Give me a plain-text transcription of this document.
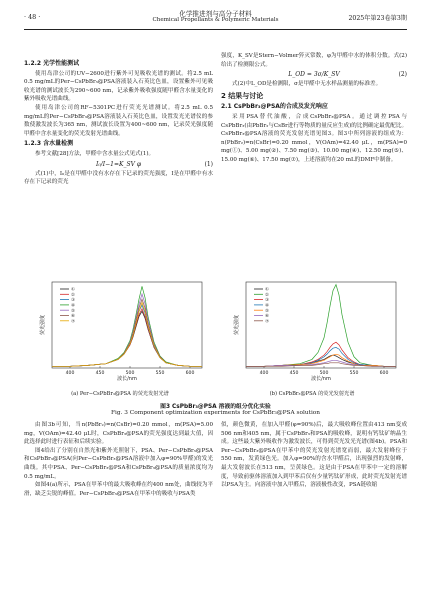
· 48 ·	化学推进剂与高分子材料
Chemical Propellants & Polymeric Materials	2025年第23卷第3期
1.2.2 光学性能测试

使用岛津公司的UV−2600进行紫外可见吸收光谱的测试。将2.5 mL 0.5 mg/mL的Per−CsPbBr₃@PSA溶液装入石英比色皿，设置紫外可见吸收光谱的测试波长为290~600 nm，记录紫外吸收强度随甲醛含水量变化的紫外吸收光谱曲线。

使用岛津公司的RF−5301PC进行荧光光谱测试。将2.5 mL 0.5 mg/mL的Per−CsPbBr₃@PSA溶液装入石英比色皿，设置发光光谱仪的参数使激发波长为365 nm，测试波长设置为400~600 nm，记录荧光强度随甲醛中含水量变化的荧光发射光谱曲线。

1.2.3 含水量检测

参考文献[28]方法，甲醛中含水量公式见式(1)。

I₀/I−1=K_SV φ	(1)

式(1)中，I₀是在甲醛中没有水存在下记录的荧光强度，I是在甲醛中有水存在下记录的荧光

强度，K_SV是Stern−Volmer猝灭常数，φ为甲醛中水的体积分数。式(2)给出了检测限公式。

L_OD = 3σ/K_SV	(2)

式(2)中L_OD是检测限，σ是甲醛中无水样品测量的标准差。

2 结果与讨论
2.1 CsPbBr₃@PSA的合成及发光响应

采用PSA替代油酸，合成CsPbBr₃@PSA。通过调控PSA与CsPbBr₃(由PbBr₂与CsBr进行等物质的量反应生成)的比例确定最优配比。CsPbBr₃@PSA溶液的荧光发射光谱见图3。图3中所列溶液的组成为：n(PbBr₂)=n(CsBr)=0.20 mmol，V(OAm)=42.40 μL，m(PSA)=0 mg(①)、5.00 mg(②)、7.50 mg(③)、10.00 mg(④)、12.50 mg(⑤)、15.00 mg(⑥)、17.50 mg(⑦)，上述溶液均在20 mL的DMF中制备。

400	450	500	550	600
波长/nm
荧光强度
①
②
③
④
⑤
⑥
⑦
(a) Per−CsPbBr₃@PSA 的荧光发射光谱
400	450	500	550	600
波长/nm
荧光强度
①
②
③
④
⑤
⑥
⑦
(b) CsPbBr₃@PSA 的荧光发射光谱
图3 CsPbBr₃@PSA 溶液的组分优化实验
Fig. 3 Component optimization experiments for CsPbBr₃@PSA solution

由图3b可知，当n(PbBr₂)=n(CsBr)=0.20 mmol，m(PSA)=5.00 mg，V(OAm)=42.40 μL时，CsPbBr₃@PSA的荧光强度达到最大值，因此选择此时进行表征和后续实验。

图4给出了分别在自然光和紫外光照射下，PSA、Per−CsPbBr₃@PSA和CsPbBr₃@PSA(向Per−CsPbBr₃@PSA溶液中加入φ=90%甲醛)的发光曲线。其中PSA、Per−CsPbBr₃@PSA和CsPbBr₃@PSA的质量浓度均为0.5 mg/mL。

如图4(a)所示，PSA在甲苯中的最大吸收峰在约400 nm处，曲线较为平滑，缺乏尖锐的峰值。Per−CsPbBr₃@PSA在甲苯中的吸收与PSA类

似，颜色微黄，在加入甲醛(φ=90%)后，最大吸收峰位置由413 nm变成506 nm和405 nm，属于CsPbBr₃和PSA的吸收峰，说明有钙钛矿纳晶生成。这些最大紫外吸收作为激发波长，可得到荧光发光光谱(图4b)。PSA和Per−CsPbBr₃@PSA在甲苯中的荧光发射光谱宽而弱，最大发射峰位于550 nm，发黄绿色光。加入φ=90%的含水甲醛后，出现强烈的发射峰，最大发射波长在513 nm，呈黄绿色。这是由于PSA在甲苯中一定的溶解度，导致前驱体溶液加入到甲苯后仅有少量钙钛矿形成，此时荧光发射光谱以PSA为主。向溶液中加入甲醛后，溶液极性改变，PSA链收缩
